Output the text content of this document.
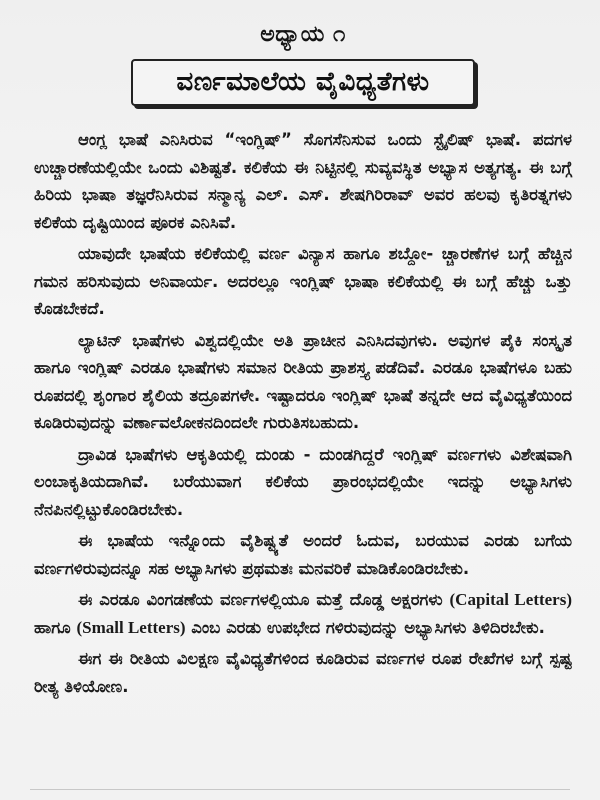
ಅಧ್ಯಾಯ ೧
ವರ್ಣಮಾಲೆಯ ವೈವಿಧ್ಯತೆಗಳು

ಆಂಗ್ಲ ಭಾಷೆ ಎನಿಸಿರುವ “ಇಂಗ್ಲಿಷ್” ಸೊಗಸೆನಿಸುವ ಒಂದು ಸ್ಟೈಲಿಷ್ ಭಾಷೆ. ಪದಗಳ ಉಚ್ಚಾರಣೆಯಲ್ಲಿಯೇ ಒಂದು ವಿಶಿಷ್ಟತೆ. ಕಲಿಕೆಯ ಈ ನಿಟ್ಟಿನಲ್ಲಿ ಸುವ್ಯವಸ್ಥಿತ ಅಭ್ಯಾಸ ಅತ್ಯಗತ್ಯ. ಈ ಬಗ್ಗೆ ಹಿರಿಯ ಭಾಷಾ ತಜ್ಞರೆನಿಸಿರುವ ಸನ್ಮಾನ್ಯ ಎಲ್. ಎಸ್. ಶೇಷಗಿರಿರಾವ್ ಅವರ ಹಲವು ಕೃತಿರತ್ನಗಳು ಕಲಿಕೆಯ ದೃಷ್ಟಿಯಿಂದ ಪೂರಕ ಎನಿಸಿವೆ.

ಯಾವುದೇ ಭಾಷೆಯ ಕಲಿಕೆಯಲ್ಲಿ ವರ್ಣ ವಿನ್ಯಾಸ ಹಾಗೂ ಶಬ್ದೋ- ಚ್ಚಾರಣೆಗಳ ಬಗ್ಗೆ ಹೆಚ್ಚಿನ ಗಮನ ಹರಿಸುವುದು ಅನಿವಾರ್ಯ. ಅದರಲ್ಲೂ ಇಂಗ್ಲಿಷ್ ಭಾಷಾ ಕಲಿಕೆಯಲ್ಲಿ ಈ ಬಗ್ಗೆ ಹೆಚ್ಚು ಒತ್ತು ಕೊಡಬೇಕದೆ.

ಲ್ಯಾಟಿನ್ ಭಾಷೆಗಳು ವಿಶ್ವದಲ್ಲಿಯೇ ಅತಿ ಪ್ರಾಚೀನ ಎನಿಸಿದವುಗಳು. ಅವುಗಳ ಪೈಕಿ ಸಂಸ್ಕೃತ ಹಾಗೂ ಇಂಗ್ಲಿಷ್ ಎರಡೂ ಭಾಷೆಗಳು ಸಮಾನ ರೀತಿಯ ಪ್ರಾಶಸ್ತ್ಯ ಪಡೆದಿವೆ. ಎರಡೂ ಭಾಷೆಗಳೂ ಬಹು ರೂಪದಲ್ಲಿ ಶೃಂಗಾರ ಶೈಲಿಯ ತದ್ರೂಪಗಳೇ. ಇಷ್ಟಾದರೂ ಇಂಗ್ಲಿಷ್ ಭಾಷೆ ತನ್ನದೇ ಆದ ವೈವಿಧ್ಯತೆಯಿಂದ ಕೂಡಿರುವುದನ್ನು ವರ್ಣಾವಲೋಕನದಿಂದಲೇ ಗುರುತಿಸಬಹುದು.

ದ್ರಾವಿಡ ಭಾಷೆಗಳು ಆಕೃತಿಯಲ್ಲಿ ದುಂಡು - ದುಂಡಗಿದ್ದರೆ ಇಂಗ್ಲಿಷ್ ವರ್ಣಗಳು ವಿಶೇಷವಾಗಿ ಲಂಬಾಕೃತಿಯದಾಗಿವೆ. ಬರೆಯುವಾಗ ಕಲಿಕೆಯ ಪ್ರಾರಂಭದಲ್ಲಿಯೇ ಇದನ್ನು ಅಭ್ಯಾಸಿಗಳು ನೆನಪಿನಲ್ಲಿಟ್ಟುಕೊಂಡಿರಬೇಕು.

ಈ ಭಾಷೆಯ ಇನ್ನೊಂದು ವೈಶಿಷ್ಟ್ಯತೆ ಅಂದರೆ ಓದುವ, ಬರಯುವ ಎರಡು ಬಗೆಯ ವರ್ಣಗಳಿರುವುದನ್ನೂ ಸಹ ಅಭ್ಯಾಸಿಗಳು ಪ್ರಥಮತಃ ಮನವರಿಕೆ ಮಾಡಿಕೊಂಡಿರಬೇಕು.

ಈ ಎರಡೂ ವಿಂಗಡಣೆಯ ವರ್ಣಗಳಲ್ಲಿಯೂ ಮತ್ತೆ ದೊಡ್ಡ ಅಕ್ಷರಗಳು (Capital Letters) ಹಾಗೂ (Small Letters) ಎಂಬ ಎರಡು ಉಪಭೇದ ಗಳಿರುವುದನ್ನು ಅಭ್ಯಾಸಿಗಳು ತಿಳಿದಿರಬೇಕು.

ಈಗ ಈ ರೀತಿಯ ವಿಲಕ್ಷಣ ವೈವಿಧ್ಯತೆಗಳಿಂದ ಕೂಡಿರುವ ವರ್ಣಗಳ ರೂಪ ರೇಖೆಗಳ ಬಗ್ಗೆ ಸ್ಪಷ್ಟ ರೀತ್ಯ ತಿಳಿಯೋಣ.
